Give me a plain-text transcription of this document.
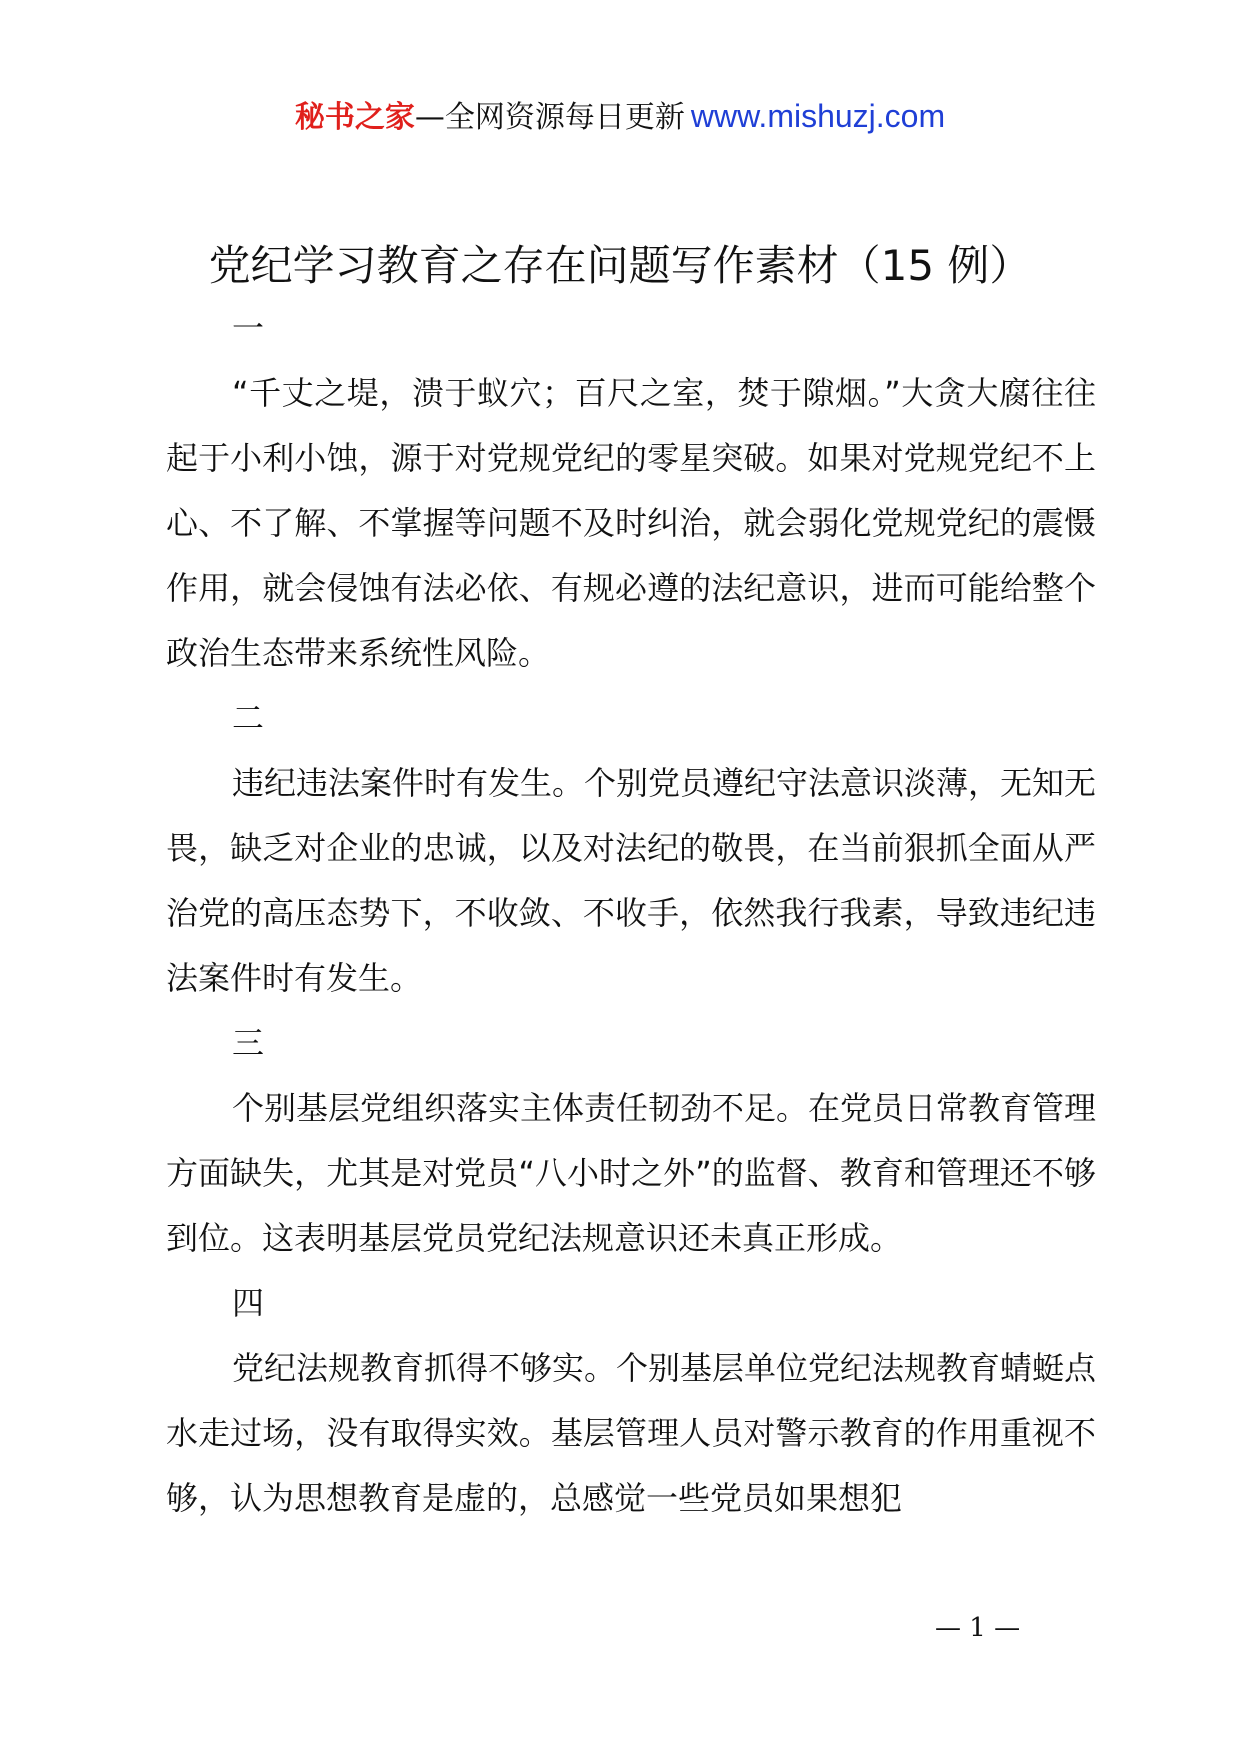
秘书之家—全网资源每日更新 www.mishuzj.com
党纪学习教育之存在问题写作素材（15 例）

一

“千丈之堤，溃于蚁穴；百尺之室，焚于隙烟。”大贪大腐往往起于小利小蚀，源于对党规党纪的零星突破。如果对党规党纪不上心、不了解、不掌握等问题不及时纠治，就会弱化党规党纪的震慑作用，就会侵蚀有法必依、有规必遵的法纪意识，进而可能给整个政治生态带来系统性风险。

二

违纪违法案件时有发生。个别党员遵纪守法意识淡薄，无知无畏，缺乏对企业的忠诚，以及对法纪的敬畏，在当前狠抓全面从严治党的高压态势下，不收敛、不收手，依然我行我素，导致违纪违法案件时有发生。

三

个别基层党组织落实主体责任韧劲不足。在党员日常教育管理方面缺失，尤其是对党员“八小时之外”的监督、教育和管理还不够到位。这表明基层党员党纪法规意识还未真正形成。

四

党纪法规教育抓得不够实。个别基层单位党纪法规教育蜻蜓点水走过场，没有取得实效。基层管理人员对警示教育的作用重视不够，认为思想教育是虚的，总感觉一些党员如果想犯

— 1 —
